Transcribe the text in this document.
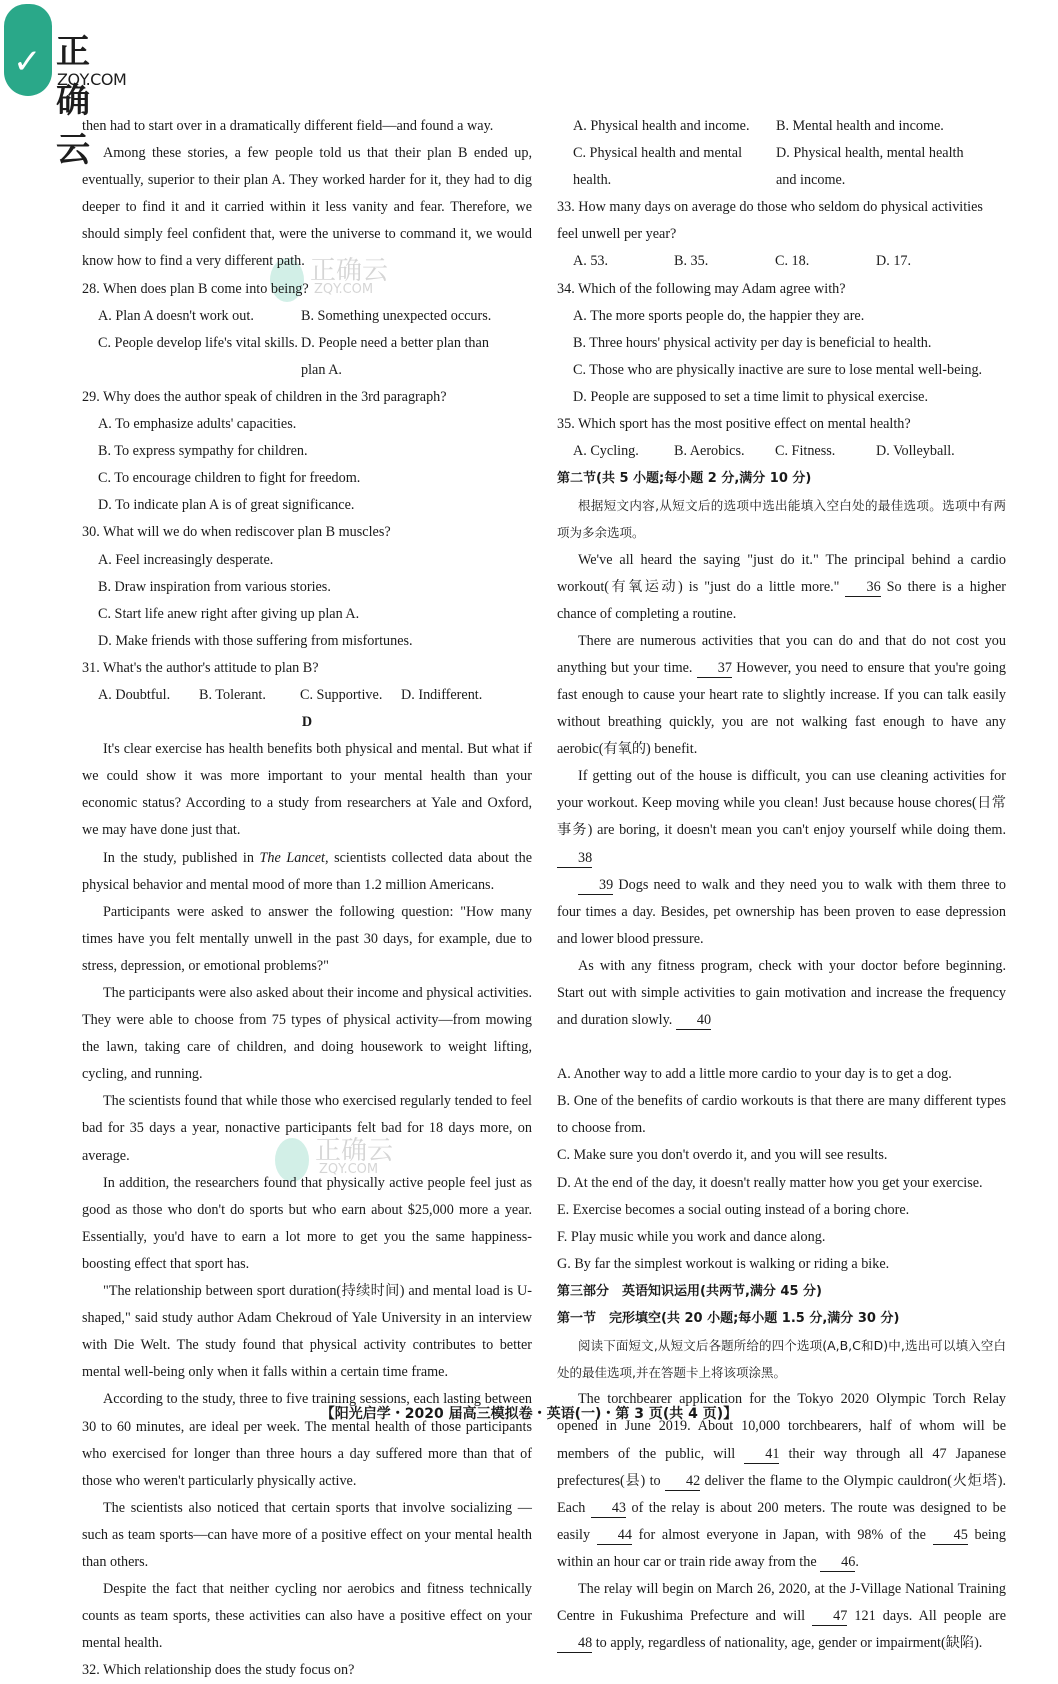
✓ 正确云
ZQY.COM
正确云
ZQY.COM
正确云
ZQY.COM

then had to start over in a dramatically different field—and found a way.

Among these stories, a few people told us that their plan B ended up, eventually, superior to their plan A. They worked harder for it, they had to dig deeper to find it and it carried within it less vanity and fear. Therefore, we should simply feel confident that, were the universe to command it, we would know how to find a very different path.

28. When does plan B come into being?

A. Plan A doesn't work out.	B. Something unexpected occurs.
C. People develop life's vital skills. D. People need a better plan than plan A.

29. Why does the author speak of children in the 3rd paragraph?

A. To emphasize adults' capacities.

B. To express sympathy for children.

C. To encourage children to fight for freedom.

D. To indicate plan A is of great significance.

30. What will we do when rediscover plan B muscles?

A. Feel increasingly desperate.

B. Draw inspiration from various stories.

C. Start life anew right after giving up plan A.

D. Make friends with those suffering from misfortunes.

31. What's the author's attitude to plan B?

A. Doubtful.	B. Tolerant.	C. Supportive.	D. Indifferent.

D

It's clear exercise has health benefits both physical and mental. But what if we could show it was more important to your mental health than your economic status? According to a study from researchers at Yale and Oxford, we may have done just that.

In the study, published in The Lancet, scientists collected data about the physical behavior and mental mood of more than 1.2 million Americans.

Participants were asked to answer the following question: "How many times have you felt mentally unwell in the past 30 days, for example, due to stress, depression, or emotional problems?"

The participants were also asked about their income and physical activities. They were able to choose from 75 types of physical activity—from mowing the lawn, taking care of children, and doing housework to weight lifting, cycling, and running.

The scientists found that while those who exercised regularly tended to feel bad for 35 days a year, nonactive participants felt bad for 18 days more, on average.

In addition, the researchers found that physically active people feel just as good as those who don't do sports but who earn about $25,000 more a year. Essentially, you'd have to earn a lot more to get you the same happiness-boosting effect that sport has.

"The relationship between sport duration(持续时间) and mental load is U-shaped," said study author Adam Chekroud of Yale University in an interview with Die Welt. The study found that physical activity contributes to better mental well-being only when it falls within a certain time frame.

According to the study, three to five training sessions, each lasting between 30 to 60 minutes, are ideal per week. The mental health of those participants who exercised for longer than three hours a day suffered more than that of those who weren't particularly physically active.

The scientists also noticed that certain sports that involve socializing —such as team sports—can have more of a positive effect on your mental health than others.

Despite the fact that neither cycling nor aerobics and fitness technically counts as team sports, these activities can also have a positive effect on your mental health.

32. Which relationship does the study focus on?

A. Physical health and income.	B. Mental health and income.
C. Physical health and mental health.
D. Physical health, mental health and income.

33. How many days on average do those who seldom do physical activities feel unwell per year?

A. 53.	B. 35.	C. 18.	D. 17.

34. Which of the following may Adam agree with?

A. The more sports people do, the happier they are.

B. Three hours' physical activity per day is beneficial to health.

C. Those who are physically inactive are sure to lose mental well-being.

D. People are supposed to set a time limit to physical exercise.

35. Which sport has the most positive effect on mental health?

A. Cycling.	B. Aerobics.	C. Fitness.	D. Volleyball.

第二节(共 5 小题;每小题 2 分,满分 10 分)

根据短文内容,从短文后的选项中选出能填入空白处的最佳选项。选项中有两项为多余选项。

We've all heard the saying "just do it." The principal behind a cardio workout(有氧运动) is "just do a little more." 36 So there is a higher chance of completing a routine.

There are numerous activities that you can do and that do not cost you anything but your time. 37 However, you need to ensure that you're going fast enough to cause your heart rate to slightly increase. If you can talk easily without breathing quickly, you are not walking fast enough to have any aerobic(有氧的) benefit.

If getting out of the house is difficult, you can use cleaning activities for your workout. Keep moving while you clean! Just because house chores(日常事务) are boring, it doesn't mean you can't enjoy yourself while doing them. 38

39 Dogs need to walk and they need you to walk with them three to four times a day. Besides, pet ownership has been proven to ease depression and lower blood pressure.

As with any fitness program, check with your doctor before beginning. Start out with simple activities to gain motivation and increase the frequency and duration slowly. 40

A. Another way to add a little more cardio to your day is to get a dog.

B. One of the benefits of cardio workouts is that there are many different types to choose from.

C. Make sure you don't overdo it, and you will see results.

D. At the end of the day, it doesn't really matter how you get your exercise.

E. Exercise becomes a social outing instead of a boring chore.

F. Play music while you work and dance along.

G. By far the simplest workout is walking or riding a bike.

第三部分　英语知识运用(共两节,满分 45 分)

第一节　完形填空(共 20 小题;每小题 1.5 分,满分 30 分)

阅读下面短文,从短文后各题所给的四个选项(A,B,C和D)中,选出可以填入空白处的最佳选项,并在答题卡上将该项涂黑。

The torchbearer application for the Tokyo 2020 Olympic Torch Relay opened in June 2019. About 10,000 torchbearers, half of whom will be members of the public, will 41 their way through all 47 Japanese prefectures(县) to 42 deliver the flame to the Olympic cauldron(火炬塔). Each 43 of the relay is about 200 meters. The route was designed to be easily 44 for almost everyone in Japan, with 98% of the 45 being within an hour car or train ride away from the 46.

The relay will begin on March 26, 2020, at the J-Village National Training Centre in Fukushima Prefecture and will 47 121 days. All people are 48 to apply, regardless of nationality, age, gender or impairment(缺陷).

【阳光启学・2020 届高三模拟卷・英语(一)・第 3 页(共 4 页)】
